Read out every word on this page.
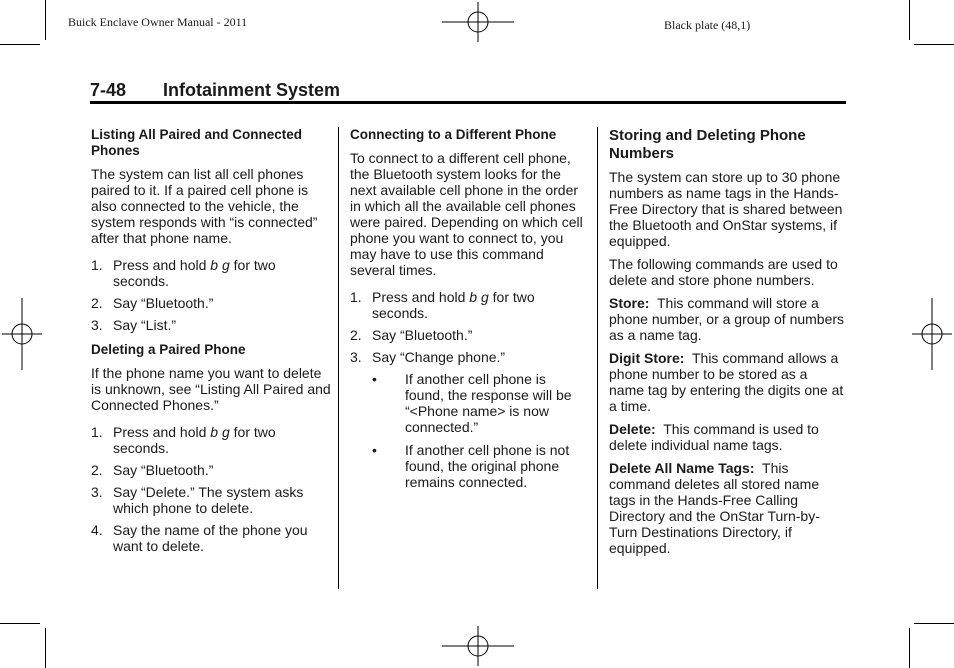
Buick Enclave Owner Manual - 2011	Black plate (48,1)
7-48 Infotainment System

Listing All Paired and Connected Phones

The system can list all cell phones paired to it. If a paired cell phone is also connected to the vehicle, the system responds with “is connected” after that phone name.

1. Press and hold b g for two seconds.
2. Say “Bluetooth.”
3. Say “List.”

Deleting a Paired Phone

If the phone name you want to delete is unknown, see “Listing All Paired and Connected Phones.”

1. Press and hold b g for two seconds.
2. Say “Bluetooth.”
3. Say “Delete.” The system asks which phone to delete.
4. Say the name of the phone you want to delete.

Connecting to a Different Phone

To connect to a different cell phone, the Bluetooth system looks for the next available cell phone in the order in which all the available cell phones were paired. Depending on which cell phone you want to connect to, you may have to use this command several times.

1. Press and hold b g for two seconds.
2. Say “Bluetooth.”
3. Say “Change phone.”
• If another cell phone is found, the response will be “<Phone name> is now connected.”
• If another cell phone is not found, the original phone remains connected.

Storing and Deleting Phone Numbers

The system can store up to 30 phone numbers as name tags in the Hands-Free Directory that is shared between the Bluetooth and OnStar systems, if equipped.

The following commands are used to delete and store phone numbers.

Store: This command will store a phone number, or a group of numbers as a name tag.

Digit Store: This command allows a phone number to be stored as a name tag by entering the digits one at a time.

Delete: This command is used to delete individual name tags.

Delete All Name Tags: This command deletes all stored name tags in the Hands-Free Calling Directory and the OnStar Turn-by-Turn Destinations Directory, if equipped.
